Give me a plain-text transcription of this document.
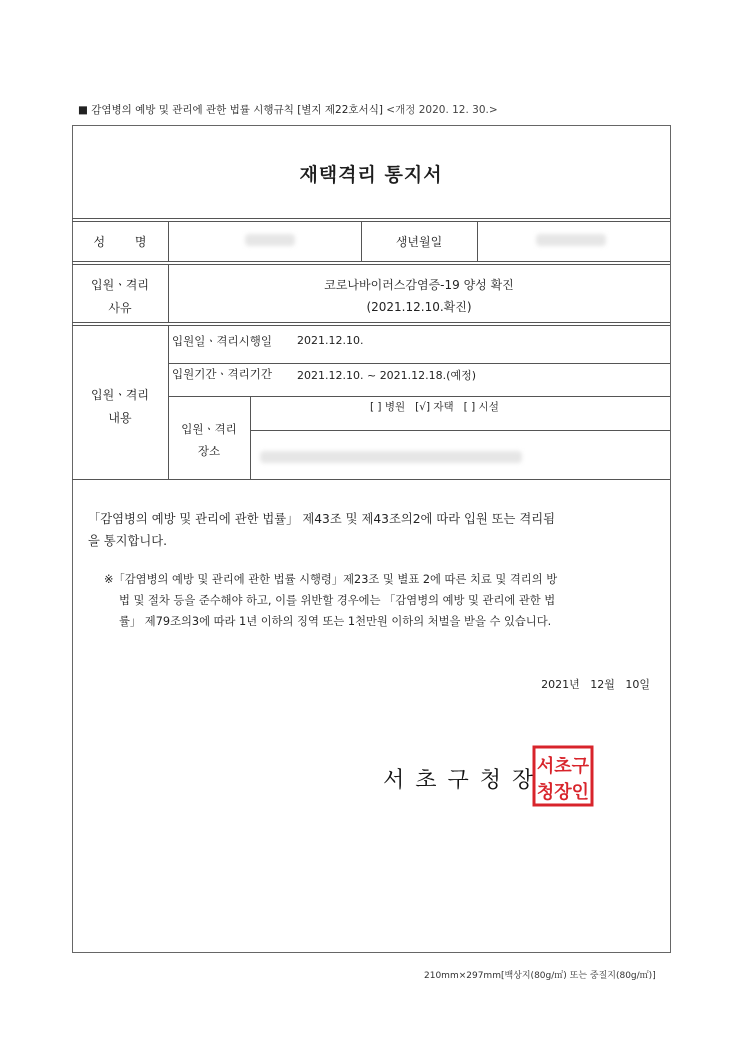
■ 감염병의 예방 및 관리에 관한 법률 시행규칙 [별지 제22호서식] <개정 2020. 12. 30.>
재택격리 통지서
성 명	생년월일
입원ㆍ격리
사유
코로나바이러스감염증-19 양성 확진
(2021.12.10.확진)
입원ㆍ격리
내용
입원일ㆍ격리시행일 2021.12.10.
입원기간ㆍ격리기간 2021.12.10. ~ 2021.12.18.(예정)
입원ㆍ격리
장소
[ ] 병원   [√] 자택   [ ] 시설
「감염병의 예방 및 관리에 관한 법률」 제43조 및 제43조의2에 따라 입원 또는 격리됨
을 통지합니다.
※「감염병의 예방 및 관리에 관한 법률 시행령」제23조 및 별표 2에 따른 치료 및 격리의 방
법 및 절차 등을 준수해야 하고, 이를 위반할 경우에는 「감염병의 예방 및 관리에 관한 법
률」 제79조의3에 따라 1년 이하의 징역 또는 1천만원 이하의 처벌을 받을 수 있습니다.
2021년   12월   10일
서초구청장
서초구
청장인
210mm×297mm[백상지(80g/㎡) 또는 중질지(80g/㎡)]
